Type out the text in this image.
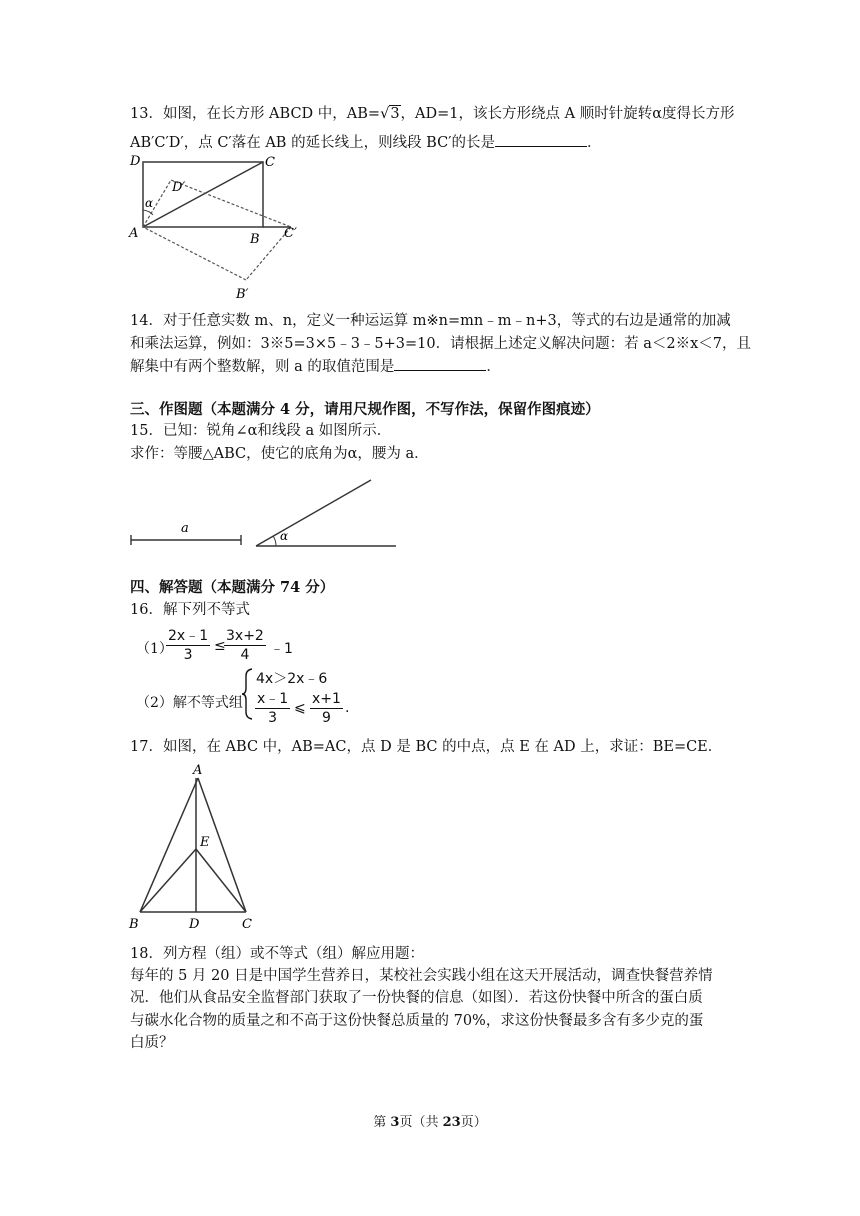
13．如图，在长方形 ABCD 中，AB=√3，AD=1，该长方形绕点 A 顺时针旋转α度得长方形
AB′C′D′，点 C′落在 AB 的延长线上，则线段 BC′的长是	．
D	C
D′
α
A	B C′
B′
14．对于任意实数 m、n，定义一种运运算 m※n=mn﹣m﹣n+3，等式的右边是通常的加减
和乘法运算，例如：3※5=3×5﹣3﹣5+3=10．请根据上述定义解决问题：若 a＜2※x＜7，且
解集中有两个整数解，则 a 的取值范围是	．
三、作图题（本题满分 4 分，请用尺规作图，不写作法，保留作图痕迹）
15．已知：锐角∠α和线段 a 如图所示．
求作：等腰△ABC，使它的底角为α，腰为 a．
a	α
四、解答题（本题满分 74 分）
16．解下列不等式
（1）
$\frac{2x﹣1}{3}$ ≤
$\frac{3x+2}{4}$ ﹣1
（2）解不等式组
4x＞2x﹣6
$\frac{x﹣1}{3}$ ⩽ $\frac{x+1}{9}$ .
17．如图，在 ABC 中，AB=AC，点 D 是 BC 的中点，点 E 在 AD 上，求证：BE=CE．
A
E
B	D	C
18．列方程（组）或不等式（组）解应用题：
每年的 5 月 20 日是中国学生营养日，某校社会实践小组在这天开展活动，调查快餐营养情
况．他们从食品安全监督部门获取了一份快餐的信息（如图）．若这份快餐中所含的蛋白质
与碳水化合物的质量之和不高于这份快餐总质量的 70%，求这份快餐最多含有多少克的蛋
白质？
第 3页（共 23页）
